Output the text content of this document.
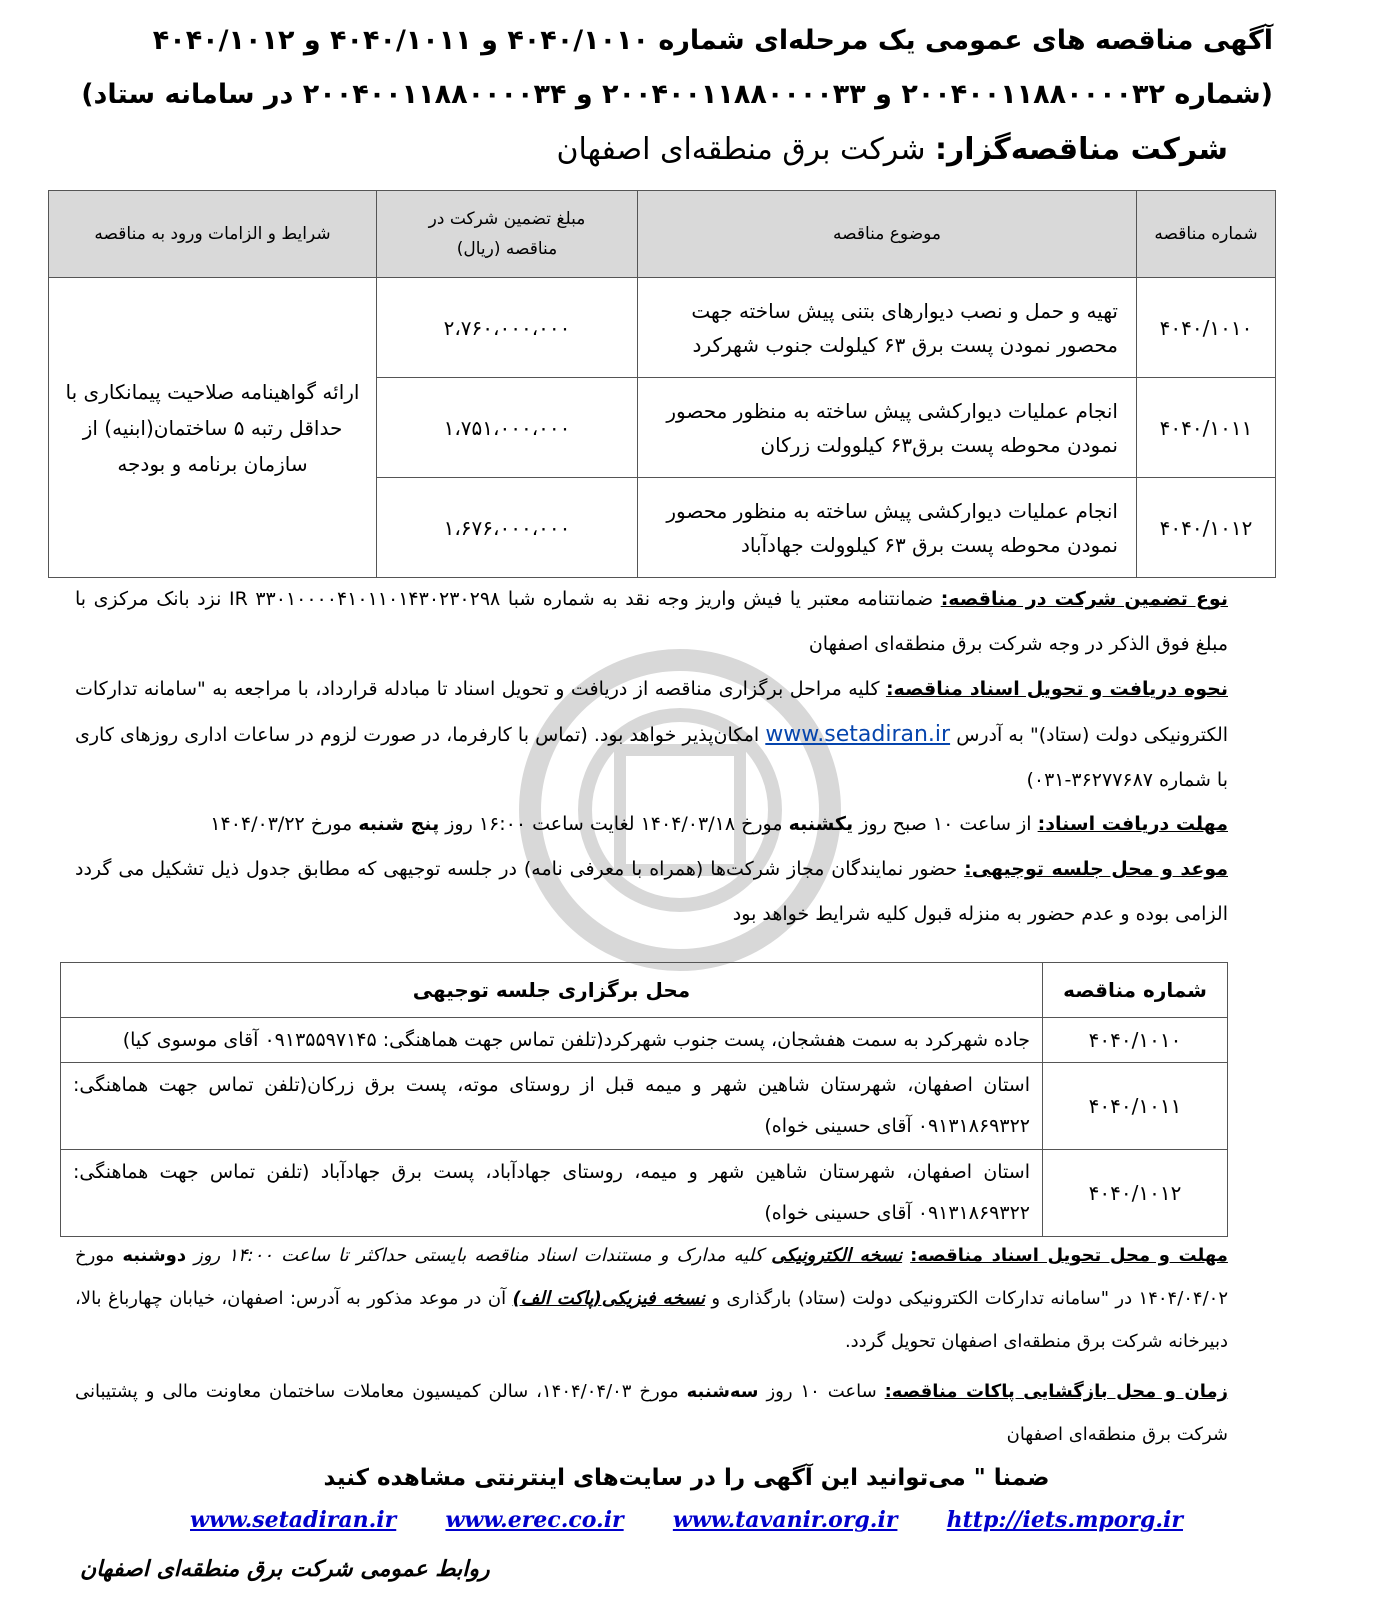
آگهی مناقصه های عمومی یک مرحله‌ای شماره ۴۰۴۰/۱۰۱۰ و ۴۰۴۰/۱۰۱۱ و ۴۰۴۰/۱۰۱۲ (شماره ۲۰۰۴۰۰۱۱۸۸۰۰۰۰۳۲ و ۲۰۰۴۰۰۱۱۸۸۰۰۰۰۳۳ و ۲۰۰۴۰۰۱۱۸۸۰۰۰۰۳۴ در سامانه ستاد)
شرکت مناقصه‌گزار: شرکت برق منطقه‌ای اصفهان
شماره مناقصه	موضوع مناقصه	مبلغ تضمین شرکت در مناقصه (ریال)	شرایط و الزامات ورود به مناقصه
۴۰۴۰/۱۰۱۰	تهیه و حمل و نصب دیوارهای بتنی پیش ساخته جهت محصور نمودن پست برق ۶۳ کیلولت جنوب شهرکرد	۲،۷۶۰،۰۰۰،۰۰۰	ارائه گواهینامه صلاحیت پیمانکاری با حداقل رتبه ۵ ساختمان(ابنیه) از سازمان برنامه و بودجه
۴۰۴۰/۱۰۱۱	انجام عملیات دیوارکشی پیش ساخته به منظور محصور نمودن محوطه پست برق۶۳ کیلوولت زرکان	۱،۷۵۱،۰۰۰،۰۰۰	
۴۰۴۰/۱۰۱۲	انجام عملیات دیوارکشی پیش ساخته به منظور محصور نمودن محوطه پست برق ۶۳ کیلوولت جهادآباد	۱،۶۷۶،۰۰۰،۰۰۰	
نوع تضمین شرکت در مناقصه: ضمانتنامه معتبر یا فیش واریز وجه نقد به شماره شبا IR ۳۳۰۱۰۰۰۰۴۱۰۱۱۰۱۴۳۰۲۳۰۲۹۸ نزد بانک مرکزی با مبلغ فوق الذکر در وجه شرکت برق منطقه‌ای اصفهان
نحوه دریافت و تحویل اسناد مناقصه: کلیه مراحل برگزاری مناقصه از دریافت و تحویل اسناد تا مبادله قرارداد، با مراجعه به "سامانه تدارکات الکترونیکی دولت (ستاد)" به آدرس www.setadiran.ir امکان‌پذیر خواهد بود. (تماس با کارفرما، در صورت لزوم در ساعات اداری روزهای کاری با شماره ۳۶۲۷۷۶۸۷-۰۳۱)
مهلت دریافت اسناد: از ساعت ۱۰ صبح روز یکشنبه مورخ ۱۴۰۴/۰۳/۱۸ لغایت ساعت ۱۶:۰۰ روز پنج شنبه مورخ ۱۴۰۴/۰۳/۲۲
موعد و محل جلسه توجیهی: حضور نمایندگان مجاز شرکت‌ها (همراه با معرفی نامه) در جلسه توجیهی که مطابق جدول ذیل تشکیل می گردد الزامی بوده و عدم حضور به منزله قبول کلیه شرایط خواهد بود
شماره مناقصه	محل برگزاری جلسه توجیهی
۴۰۴۰/۱۰۱۰	جاده شهرکرد به سمت هفشجان، پست جنوب شهرکرد(تلفن تماس جهت هماهنگی: ۰۹۱۳۵۵۹۷۱۴۵ آقای موسوی کیا)
۴۰۴۰/۱۰۱۱	استان اصفهان، شهرستان شاهین شهر و میمه قبل از روستای موته، پست برق زرکان(تلفن تماس جهت هماهنگی: ۰۹۱۳۱۸۶۹۳۲۲ آقای حسینی خواه)
۴۰۴۰/۱۰۱۲	استان اصفهان، شهرستان شاهین شهر و میمه، روستای جهادآباد، پست برق جهادآباد (تلفن تماس جهت هماهنگی: ۰۹۱۳۱۸۶۹۳۲۲ آقای حسینی خواه)
مهلت و محل تحویل اسناد مناقصه: نسخه الکترونیکی کلیه مدارک و مستندات اسناد مناقصه بایستی حداکثر تا ساعت ۱۴:۰۰ روز دوشنبه مورخ ۱۴۰۴/۰۴/۰۲ در "سامانه تدارکات الکترونیکی دولت (ستاد) بارگذاری و نسخه فیزیکی(پاکت الف) آن در موعد مذکور به آدرس: اصفهان، خیابان چهارباغ بالا، دبیرخانه شرکت برق منطقه‌ای اصفهان تحویل گردد.
زمان و محل بازگشایی پاکات مناقصه: ساعت ۱۰ روز سه‌شنبه مورخ ۱۴۰۴/۰۴/۰۳، سالن کمیسیون معاملات ساختمان معاونت مالی و پشتیبانی شرکت برق منطقه‌ای اصفهان
ضمنا " می‌توانید این آگهی را در سایت‌های اینترنتی مشاهده کنید
www.setadiran.ir www.erec.co.ir www.tavanir.org.ir http://iets.mporg.ir
روابط عمومی شرکت برق منطقه‌ای اصفهان
